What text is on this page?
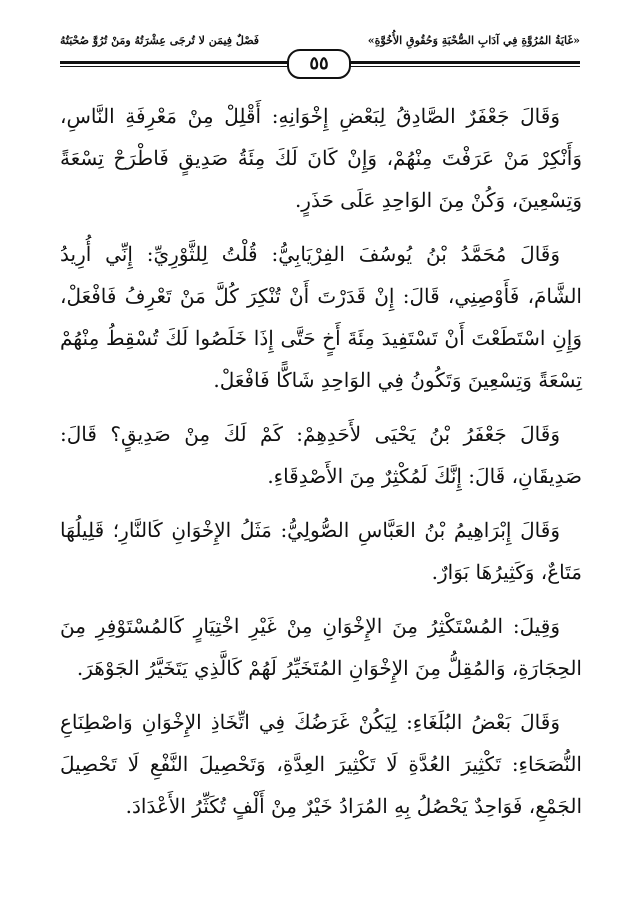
«غَايَةُ المُرُوَّةِ فِي آدَابِ الصُّحْبَةِ وَحُقُوقِ الأُخُوَّةِ»
فَصْلٌ فِيمَن لا تُرجَى عِشْرَتُهُ ومَنْ تُرُوَّ صُحْبَتُهُ
٥٥

وَقَالَ جَعْفَرٌ الصَّادِقُ لِبَعْضِ إِخْوَانِهِ: أَقْلِلْ مِنْ مَعْرِفَةِ النَّاسِ، وَأَنْكِرْ مَنْ عَرَفْتَ مِنْهُمْ، وَإِنْ كَانَ لَكَ مِئَةُ صَدِيقٍ فَاطْرَحْ تِسْعَةً وَتِسْعِينَ، وَكُنْ مِنَ الوَاحِدِ عَلَى حَذَرٍ.

وَقَالَ مُحَمَّدُ بْنُ يُوسُفَ الفِرْيَابِيُّ: قُلْتُ لِلثَّوْرِيِّ: إِنِّي أُرِيدُ الشَّامَ، فَأَوْصِنِي، قَالَ: إِنْ قَدَرْتَ أَنْ تُنْكِرَ كُلَّ مَنْ تَعْرِفُ فَافْعَلْ، وَإِنِ اسْتَطَعْتَ أَنْ تَسْتَفِيدَ مِئَةَ أَخٍ حَتَّى إِذَا خَلَصُوا لَكَ تُسْقِطُ مِنْهُمْ تِسْعَةً وَتِسْعِينَ وَتَكُونُ فِي الوَاحِدِ شَاكًّا فَافْعَلْ.

وَقَالَ جَعْفَرُ بْنُ يَحْيَى لأَحَدِهِمْ: كَمْ لَكَ مِنْ صَدِيقٍ؟ قَالَ: صَدِيقَانِ، قَالَ: إِنَّكَ لَمُكْثِرٌ مِنَ الأَصْدِقَاءِ.

وَقَالَ إِبْرَاهِيمُ بْنُ العَبَّاسِ الصُّولِيُّ: مَثَلُ الإِخْوَانِ كَالنَّارِ؛ قَلِيلُهَا مَتَاعٌ، وَكَثِيرُهَا بَوَارٌ.

وَقِيلَ: المُسْتَكْثِرُ مِنَ الإِخْوَانِ مِنْ غَيْرِ اخْتِيَارٍ كَالمُسْتَوْفِرِ مِنَ الحِجَارَةِ، وَالمُقِلُّ مِنَ الإِخْوَانِ المُتَخَيِّرُ لَهُمْ كَالَّذِي يَتَخَيَّرُ الجَوْهَرَ.

وَقَالَ بَعْضُ البُلَغَاءِ: لِيَكُنْ غَرَضُكَ فِي اتِّخَاذِ الإِخْوَانِ وَاصْطِنَاعِ النُّصَحَاءِ: تَكْثِيرَ العُدَّةِ لَا تَكْثِيرَ العِدَّةِ، وَتَحْصِيلَ النَّفْعِ لَا تَحْصِيلَ الجَمْعِ، فَوَاحِدٌ يَحْصُلُ بِهِ المُرَادُ خَيْرٌ مِنْ أَلْفٍ تُكَثِّرُ الأَعْدَادَ.
